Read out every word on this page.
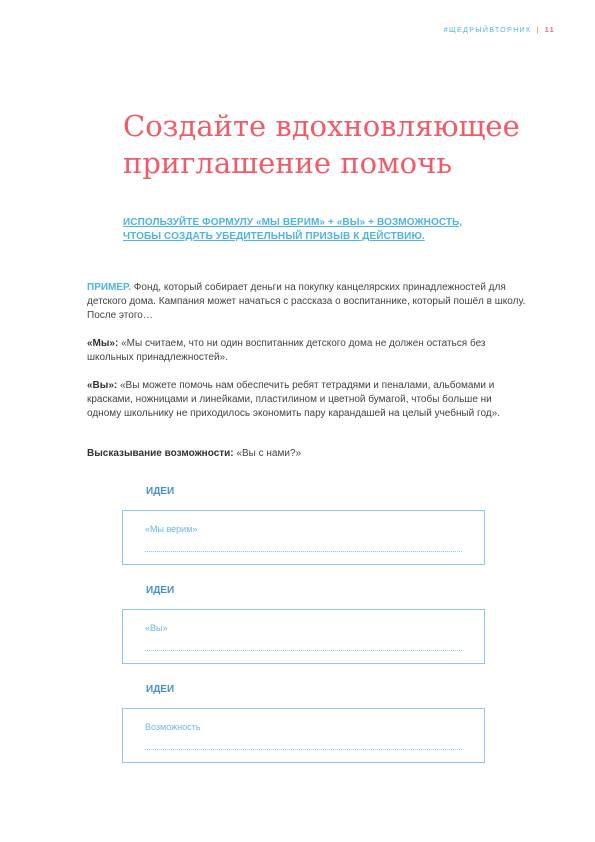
#ЩЕДРЫЙВТОРНИК | 11
Создайте вдохновляющее приглашение помочь
ИСПОЛЬЗУЙТЕ ФОРМУЛУ «МЫ ВЕРИМ» + «ВЫ» + ВОЗМОЖНОСТЬ, ЧТОБЫ СОЗДАТЬ УБЕДИТЕЛЬНЫЙ ПРИЗЫВ К ДЕЙСТВИЮ.
ПРИМЕР. Фонд, который собирает деньги на покупку канцелярских принадлежностей для детского дома. Кампания может начаться с рассказа о воспитаннике, который пошёл в школу. После этого…
«Мы»: «Мы считаем, что ни один воспитанник детского дома не должен остаться без школьных принадлежностей».
«Вы»: «Вы можете помочь нам обеспечить ребят тетрадями и пеналами, альбомами и красками, ножницами и линейками, пластилином и цветной бумагой, чтобы больше ни одному школьнику не приходилось экономить пару карандашей на целый учебный год».
Высказывание возможности: «Вы с нами?»
ИДЕИ
«Мы верим»
ИДЕИ
«Вы»
ИДЕИ
Возможность
